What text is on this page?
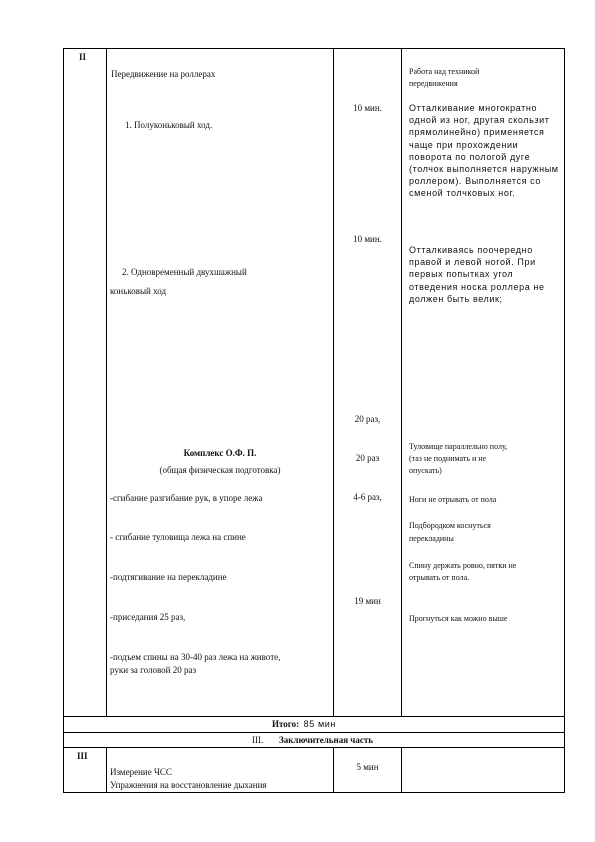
II
Передвижение на роллерах
1. Полуконьковый ход.
2. Одновременный двухшажный
коньковый ход
Комплекс О.Ф. П.
(общая физическая подготовка)
-сгибание разгибание рук, в упоре лежа
- сгибание туловища лежа на спине
-подтягивание на перекладине
-приседания 25 раз,
-подъем спины на 30-40 раз лежа на животе,
руки за головой 20 раз
10 мин.
10 мин.
20 раз,
20 раз
4-6 раз,
19 мин
Работа над техникой
передвижения
Отталкивание многократно одной из ног, другая скользит прямолинейно) применяется чаще при прохождении поворота по пологой дуге (толчок выполняется наружным роллером). Выполняется со сменой толчковых ног.
Отталкиваясь поочередно правой и левой ногой. При первых попытках угол отведения носка роллера не должен быть велик;
Туловище параллельно полу,
(таз не поднимать и не
опускать)
Ноги не отрывать от пола
Подбородком коснуться
перекладины
Спину держать ровно, пятки не
отрывать от пола.
Прогнуться как можно выше
Итого: 85 мин
III. Заключительная часть
III
Измерение ЧСС
Упражнения на восстановление дыхания
5 мин
